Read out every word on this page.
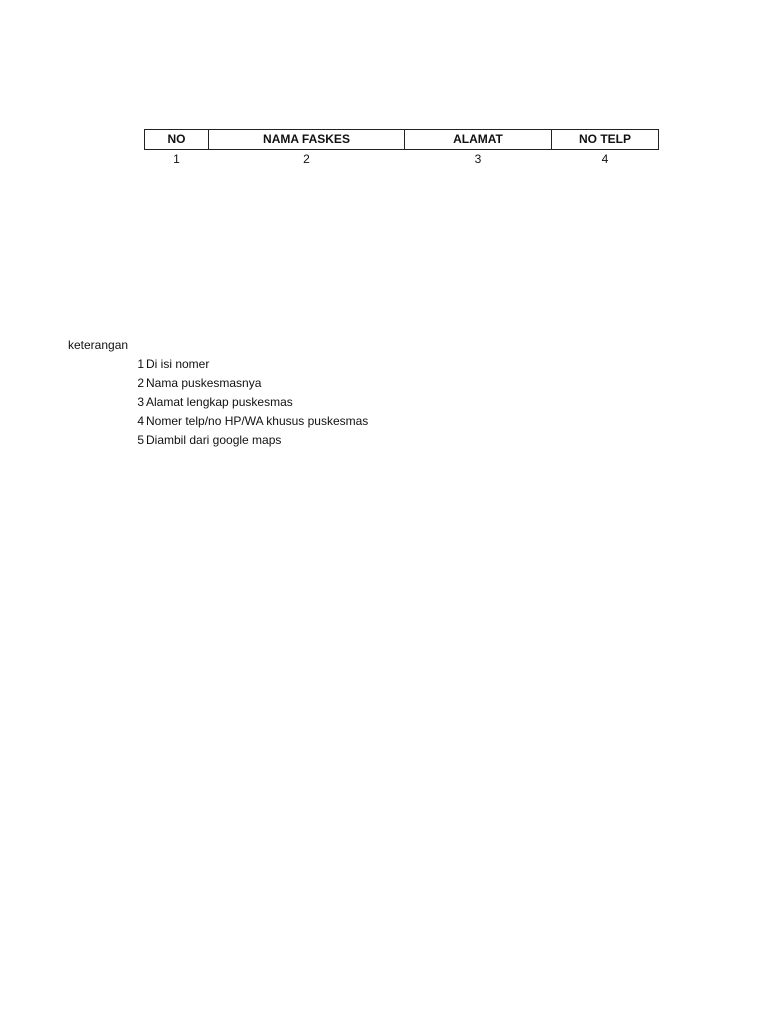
NO	NAMA FASKES	ALAMAT	NO TELP
1	2	3	4
keterangan
1 Di isi nomer
2 Nama puskesmasnya
3 Alamat lengkap puskesmas
4 Nomer telp/no HP/WA khusus puskesmas
5 Diambil dari google maps
